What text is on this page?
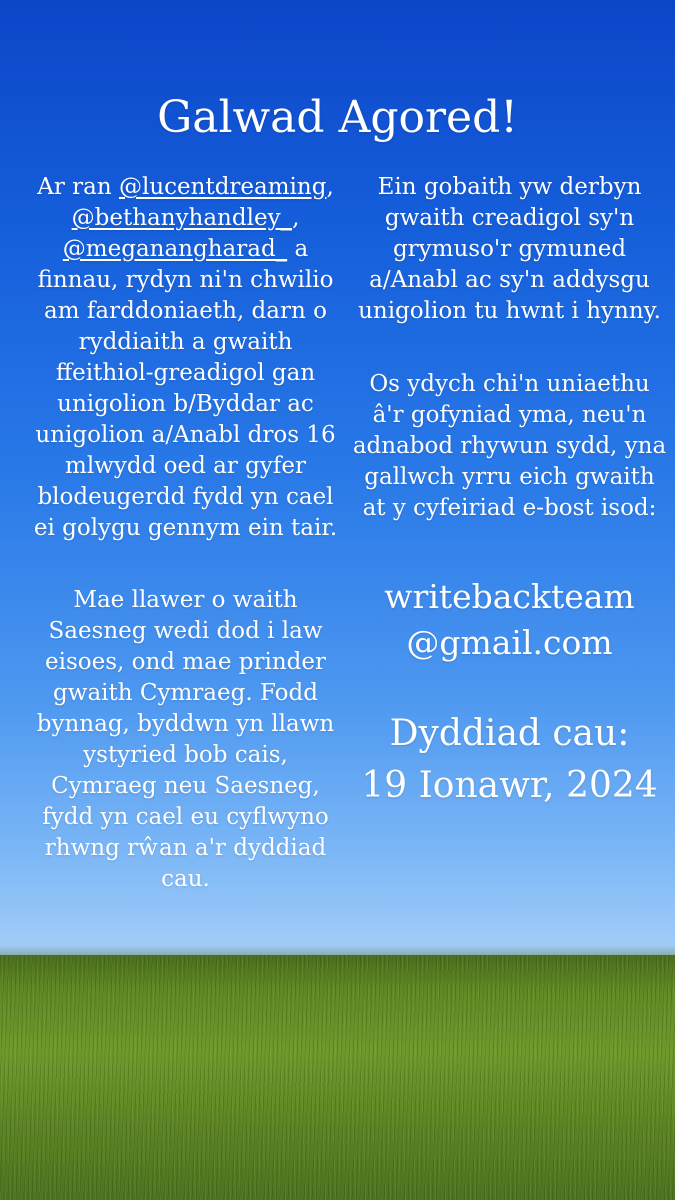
Galwad Agored!

Ar ran @lucentdreaming, @bethanyhandley_, @meganangharad_ a finnau, rydyn ni'n chwilio am farddoniaeth, darn o ryddiaith a gwaith ffeithiol-greadigol gan unigolion b/Byddar ac unigolion a/Anabl dros 16 mlwydd oed ar gyfer blodeugerdd fydd yn cael ei golygu gennym ein tair.

Mae llawer o waith Saesneg wedi dod i law eisoes, ond mae prinder gwaith Cymraeg. Fodd bynnag, byddwn yn llawn ystyried bob cais, Cymraeg neu Saesneg, fydd yn cael eu cyflwyno rhwng rŵan a'r dyddiad cau.

Ein gobaith yw derbyn gwaith creadigol sy'n grymuso'r gymuned a/Anabl ac sy'n addysgu unigolion tu hwnt i hynny.

Os ydych chi'n uniaethu â'r gofyniad yma, neu'n adnabod rhywun sydd, yna gallwch yrru eich gwaith at y cyfeiriad e-bost isod:

writebackteam
@gmail.com

Dyddiad cau:
19 Ionawr, 2024
